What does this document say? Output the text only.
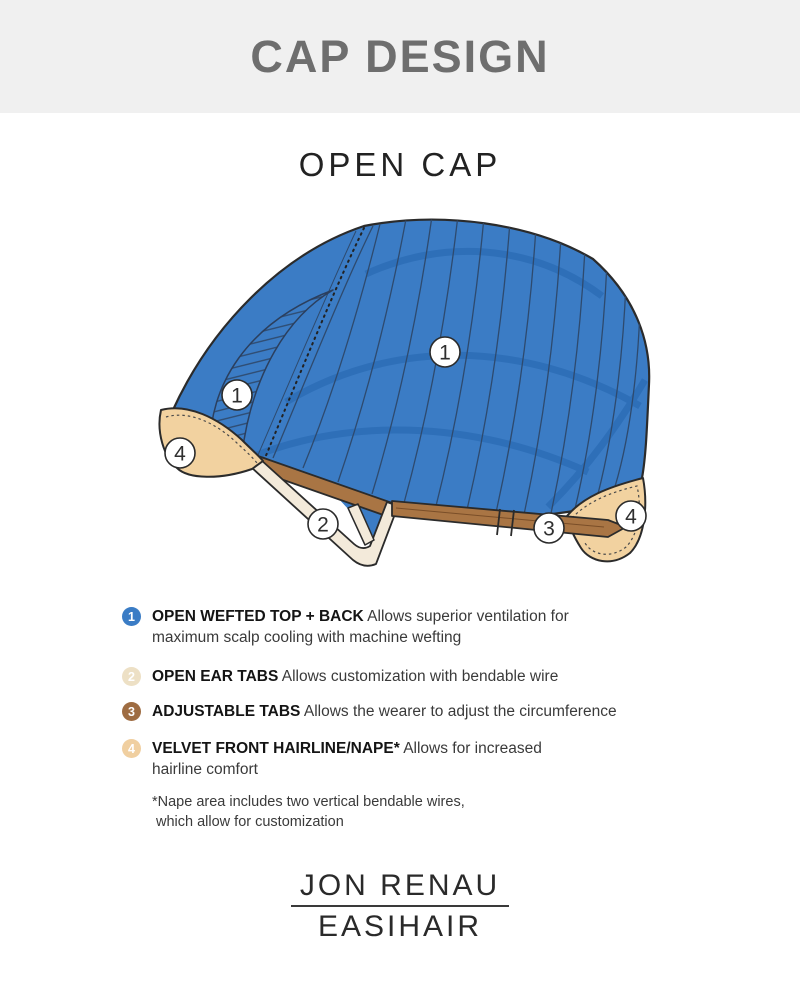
CAP DESIGN
OPEN CAP
1
1
2	3
4
4
1 OPEN WEFTED TOP + BACK Allows superior ventilation for maximum scalp cooling with machine wefting

2 OPEN EAR TABS Allows customization with bendable wire

3 ADJUSTABLE TABS Allows the wearer to adjust the circumference

4 VELVET FRONT HAIRLINE/NAPE* Allows for increased hairline comfort

*Nape area includes two vertical bendable wires,
which allow for customization

JON RENAU
EASIHAIR
